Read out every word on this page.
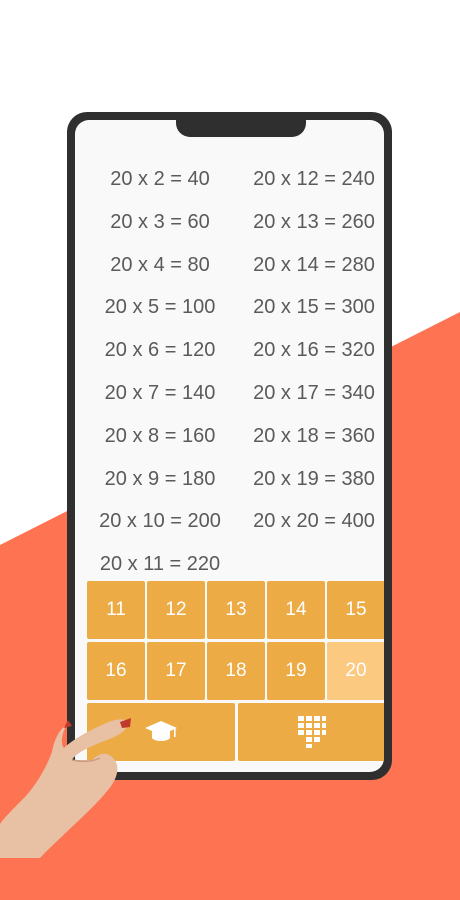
20 x 2 = 40
20 x 3 = 60
20 x 4 = 80
20 x 5 = 100
20 x 6 = 120
20 x 7 = 140
20 x 8 = 160
20 x 9 = 180
20 x 10 = 200
20 x 11 = 220
20 x 12 = 240
20 x 13 = 260
20 x 14 = 280
20 x 15 = 300
20 x 16 = 320
20 x 17 = 340
20 x 18 = 360
20 x 19 = 380
20 x 20 = 400
11	12	13	14	15
16	17	18	19	20
